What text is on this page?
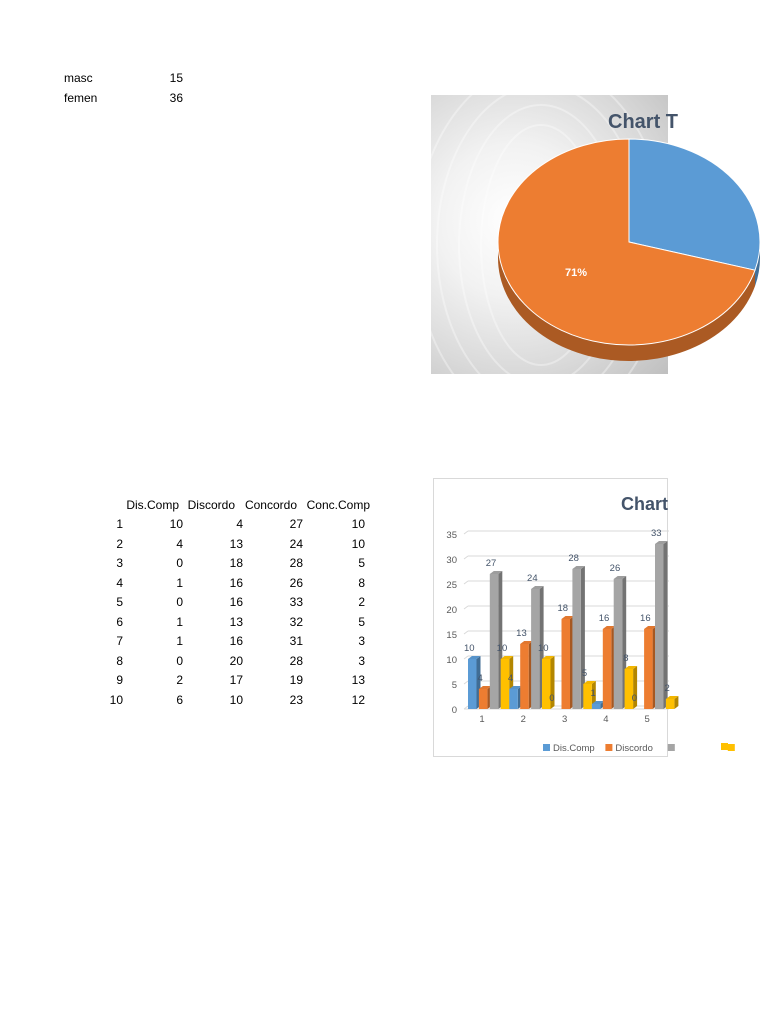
masc	15
femen	36
Dis.Comp Discordo Concordo Conc.Comp
1	10	4	27	10
2	4	13	24	10
3	0	18	28	5
4	1	16	26	8
5	0	16	33	2
6	1	13	32	5
7	1	16	31	3
8	0	20	28	3
9	2	17	19	13
10	6	10	23	12
Chart T
71%
Chart
0
5
10
15
20
25
30
35
10
4
27
10
1
4
13
24
10
2
0
18
28
5
3
1
16
26
8
4
0
16
33
2
5
Dis.Comp Discordo
